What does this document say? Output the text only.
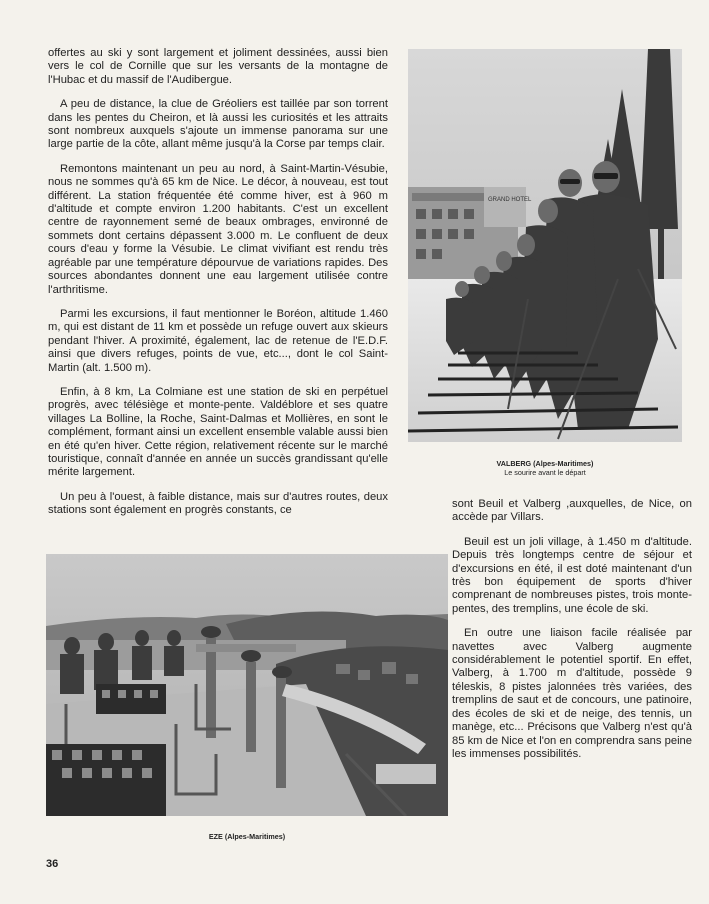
offertes au ski y sont largement et joliment dessinées, aussi bien vers le col de Cornille que sur les versants de la montagne de l'Hubac et du massif de l'Audibergue.

A peu de distance, la clue de Gréoliers est taillée par son torrent dans les pentes du Cheiron, et là aussi les curiosités et les attraits sont nombreux auxquels s'ajoute un immense panorama sur une large partie de la côte, allant même jusqu'à la Corse par temps clair.

Remontons maintenant un peu au nord, à Saint-Martin-Vésubie, nous ne sommes qu'à 65 km de Nice. Le décor, à nouveau, est tout différent. La station fréquentée été comme hiver, est à 960 m d'altitude et compte environ 1.200 habitants. C'est un excellent centre de rayonnement semé de beaux ombrages, environné de sommets dont certains dépassent 3.000 m. Le confluent de deux cours d'eau y forme la Vésubie. Le climat vivifiant est rendu très agréable par une température dépourvue de variations rapides. Des sources abondantes donnent une eau largement utilisée contre l'arthritisme.

Parmi les excursions, il faut mentionner le Boréon, altitude 1.460 m, qui est distant de 11 km et possède un refuge ouvert aux skieurs pendant l'hiver. A proximité, également, lac de retenue de l'E.D.F. ainsi que divers refuges, points de vue, etc..., dont le col Saint-Martin (alt. 1.500 m).

Enfin, à 8 km, La Colmiane est une station de ski en perpétuel progrès, avec télésiège et monte-pente. Valdéblore et ses quatre villages La Bolline, la Roche, Saint-Dalmas et Mollières, en sont le complément, formant ainsi un excellent ensemble valable aussi bien en été qu'en hiver. Cette région, relativement récente sur le marché touristique, connaît d'année en année un succès grandissant qu'elle mérite largement.

Un peu à l'ouest, à faible distance, mais sur d'autres routes, deux stations sont également en progrès constants, ce

GRAND HOTEL
VALBERG (Alpes-Maritimes)
Le sourire avant le départ

sont Beuil et Valberg ,auxquelles, de Nice, on accède par Villars.

Beuil est un joli village, à 1.450 m d'altitude. Depuis très longtemps centre de séjour et d'excursions en été, il est doté maintenant d'un très bon équipement de sports d'hiver comprenant de nombreuses pistes, trois monte-pentes, des tremplins, une école de ski.

En outre une liaison facile réalisée par navettes avec Valberg augmente considérablement le potentiel sportif. En effet, Valberg, à 1.700 m d'altitude, possède 9 téleskis, 8 pistes jalonnées très variées, des tremplins de saut et de concours, une patinoire, des écoles de ski et de neige, des tennis, un manège, etc... Précisons que Valberg n'est qu'à 85 km de Nice et l'on en comprendra sans peine les immenses possibilités.

EZE (Alpes-Maritimes)
36
